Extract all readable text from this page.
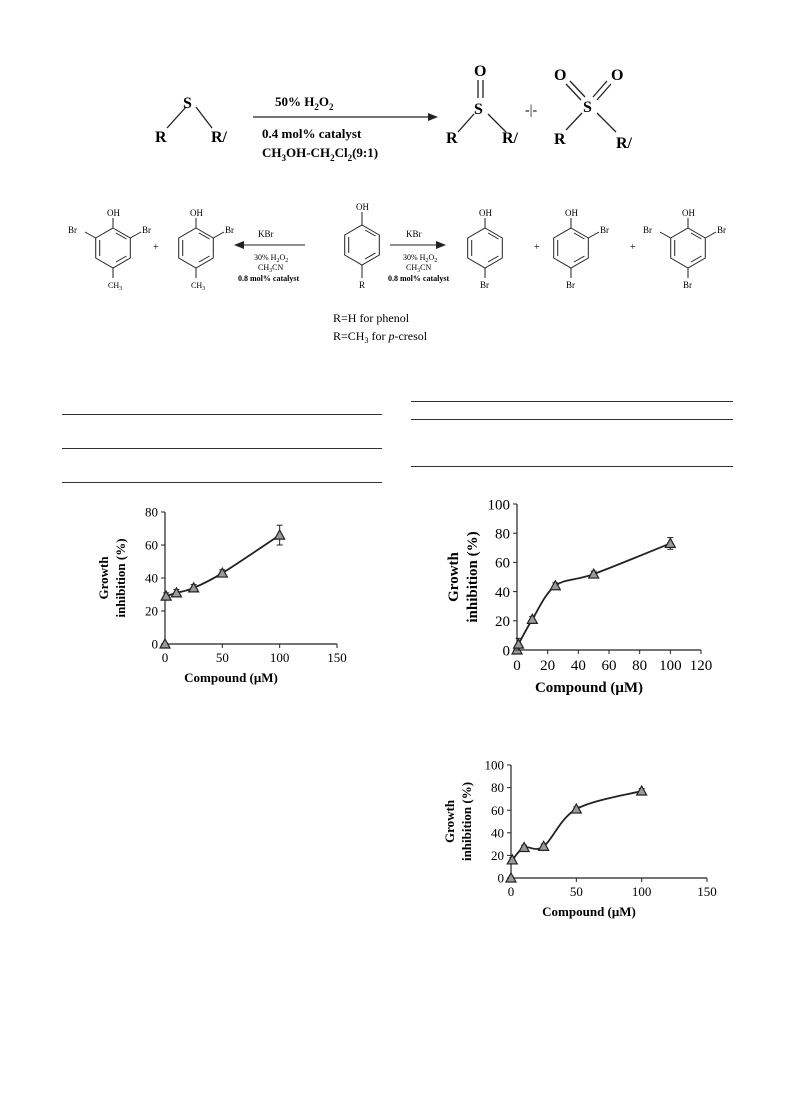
S
R	R/
50% $H_2O_2$
0.4 mol% catalyst
$CH_3OH-CH_2Cl_2(9:1)$
O
S
R	R/
-|-
O	O
S
R	R/
OH
R
KBr
30% $H_2O_2$
$CH_3CN$
0.8 mol% catalyst
KBr
30% $H_2O_2$
$CH_3CN$
0.8 mol% catalyst
OH
Br	Br
$CH_3$
+
OH
Br
$CH_3$
OH
Br
+
OH
Br
Br
+
OH
Br	Br
Br
R=H for phenol
$R=CH_3$ for p-cresol
0
20
40
60
80
0	50	100	150
Compound (μM)
Growth inhibition (%)
0
20
40
60
80
100
0 20 40 60 80 100 120
Compound (μM)
Growth inhibition (%)
0
20
40
60
80
100
0	50	100	150
Compound (μM)
Growth inhibition (%)
